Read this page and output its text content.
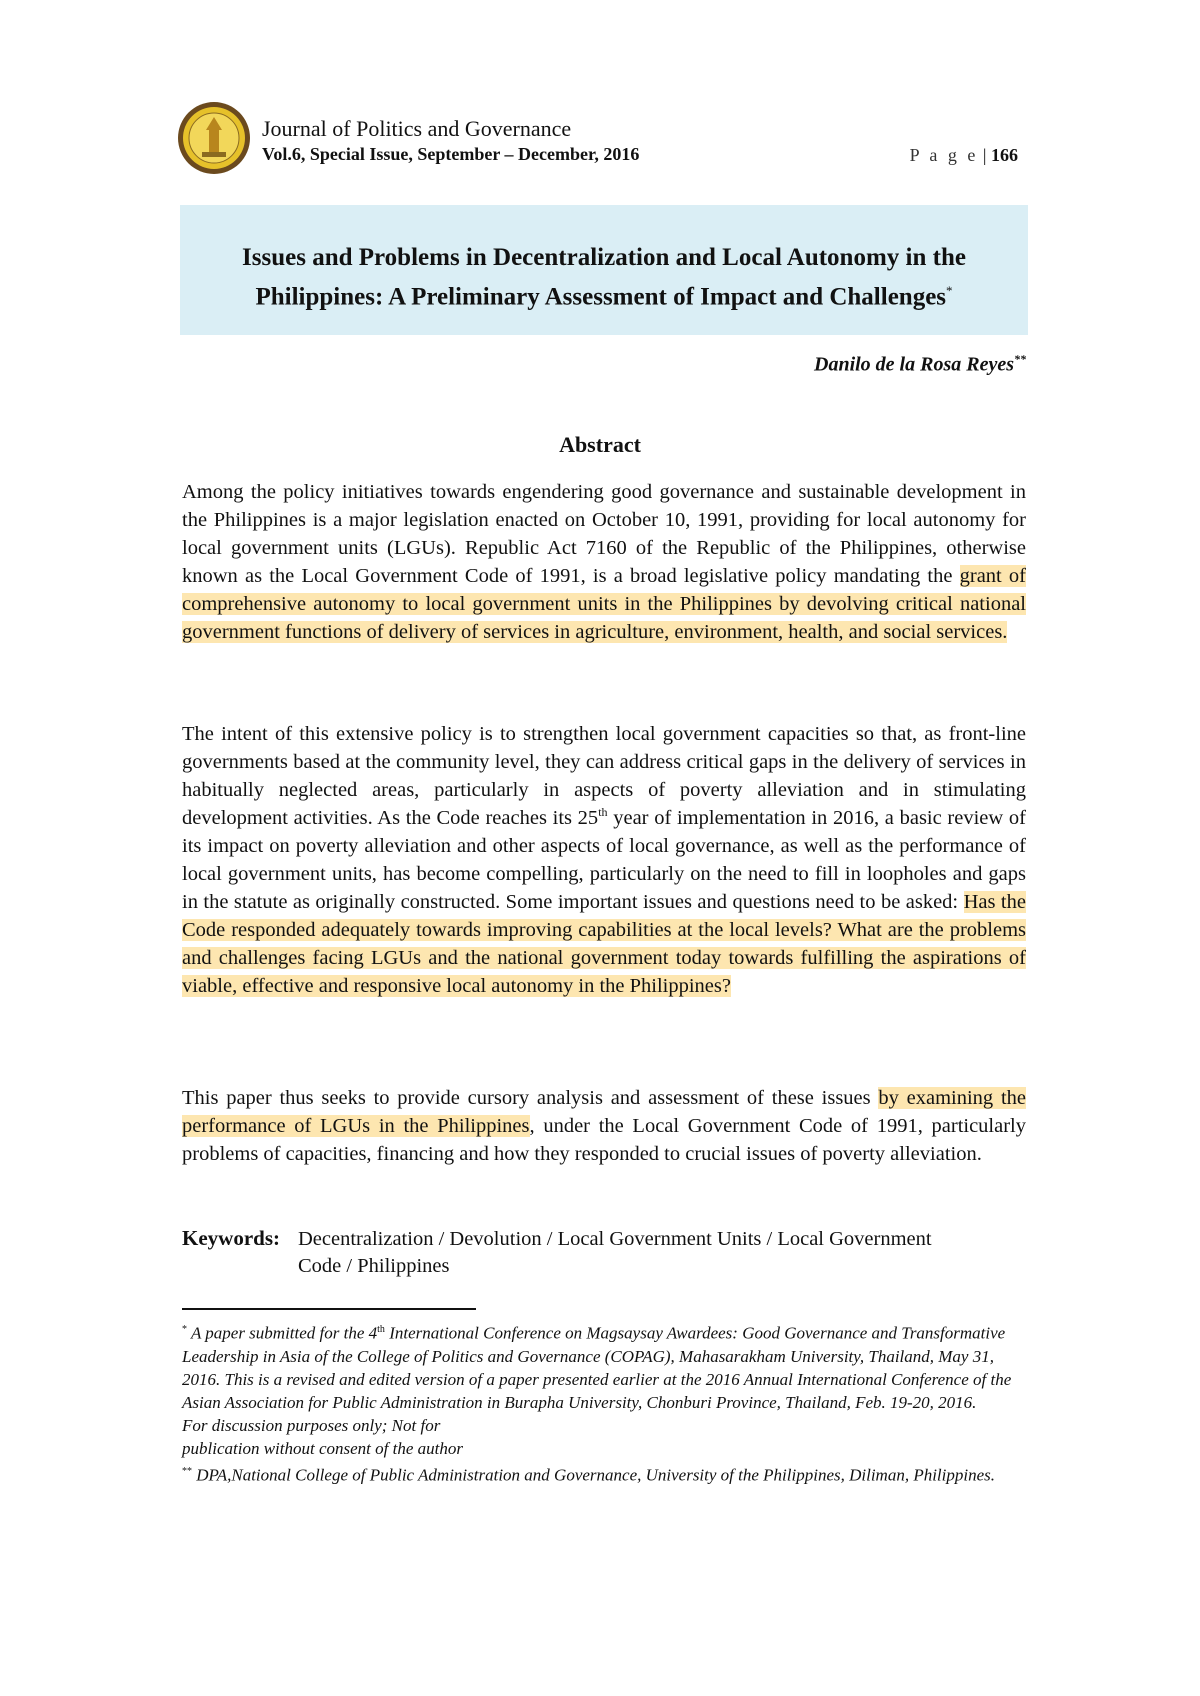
Journal of Politics and Governance
Vol.6, Special Issue, September – December, 2016	P a g e | 166
Issues and Problems in Decentralization and Local Autonomy in the
Philippines: A Preliminary Assessment of Impact and Challenges*
Danilo de la Rosa Reyes**
Abstract
Among the policy initiatives towards engendering good governance and sustainable development in the Philippines is a major legislation enacted on October 10, 1991, providing for local autonomy for local government units (LGUs). Republic Act 7160 of the Republic of the Philippines, otherwise known as the Local Government Code of 1991, is a broad legislative policy mandating the grant of comprehensive autonomy to local government units in the Philippines by devolving critical national government functions of delivery of services in agriculture, environment, health, and social services.
The intent of this extensive policy is to strengthen local government capacities so that, as front-line governments based at the community level, they can address critical gaps in the delivery of services in habitually neglected areas, particularly in aspects of poverty alleviation and in stimulating development activities. As the Code reaches its 25th year of implementation in 2016, a basic review of its impact on poverty alleviation and other aspects of local governance, as well as the performance of local government units, has become compelling, particularly on the need to fill in loopholes and gaps in the statute as originally constructed. Some important issues and questions need to be asked: Has the Code responded adequately towards improving capabilities at the local levels? What are the problems and challenges facing LGUs and the national government today towards fulfilling the aspirations of viable, effective and responsive local autonomy in the Philippines?
This paper thus seeks to provide cursory analysis and assessment of these issues by examining the performance of LGUs in the Philippines, under the Local Government Code of 1991, particularly problems of capacities, financing and how they responded to crucial issues of poverty alleviation.
Keywords: Decentralization / Devolution / Local Government Units / Local Government Code / Philippines

* A paper submitted for the 4th International Conference on Magsaysay Awardees: Good Governance and Transformative Leadership in Asia of the College of Politics and Governance (COPAG), Mahasarakham University, Thailand, May 31, 2016. This is a revised and edited version of a paper presented earlier at the 2016 Annual International Conference of the Asian Association for Public Administration in Burapha University, Chonburi Province, Thailand, Feb. 19-20, 2016.

For discussion purposes only; Not for

publication without consent of the author

** DPA,National College of Public Administration and Governance, University of the Philippines, Diliman, Philippines.
